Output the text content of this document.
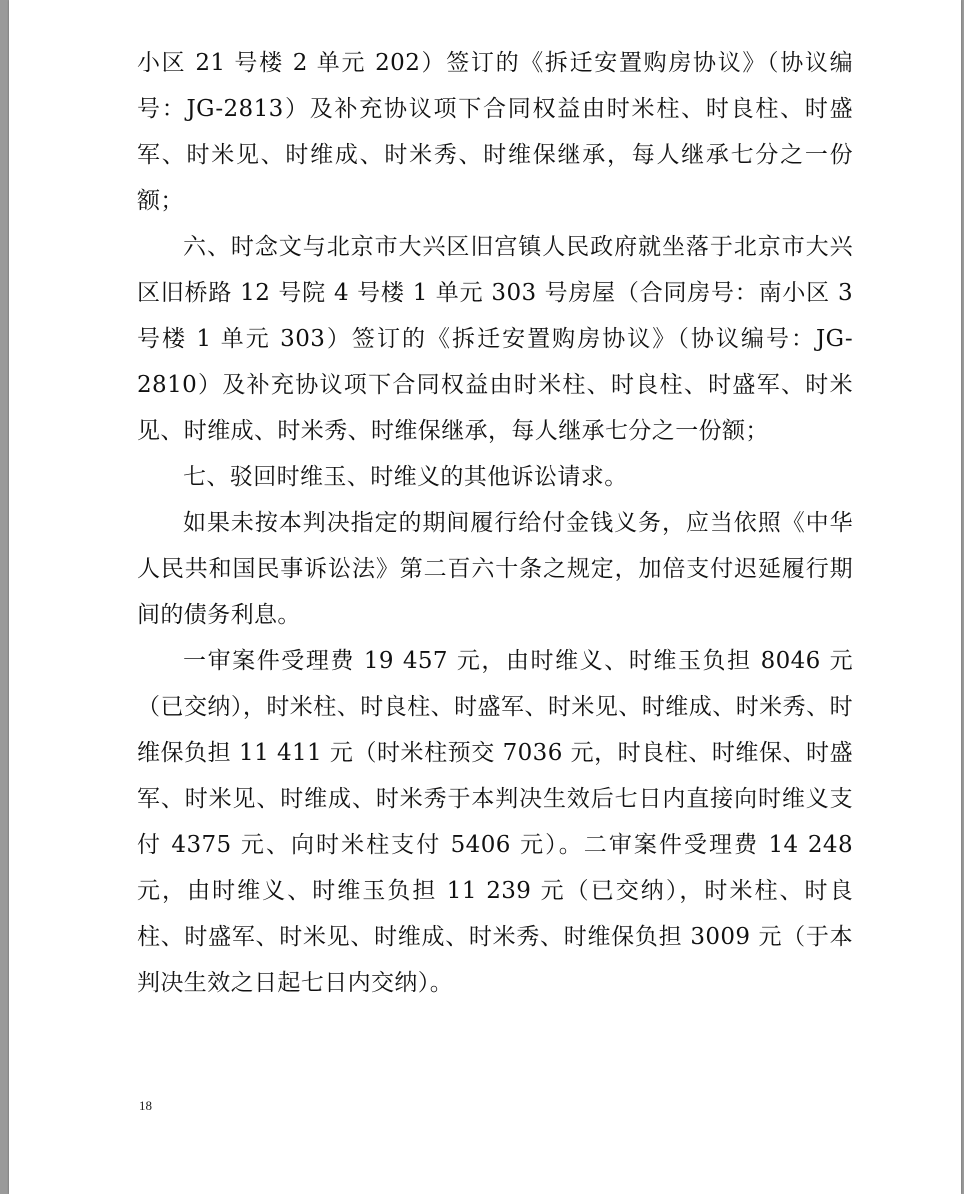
小区 21 号楼 2 单元 202）签订的《拆迁安置购房协议》（协议编号：JG-2813）及补充协议项下合同权益由时米柱、时良柱、时盛军、时米见、时维成、时米秀、时维保继承，每人继承七分之一份额；

六、时念文与北京市大兴区旧宫镇人民政府就坐落于北京市大兴区旧桥路 12 号院 4 号楼 1 单元 303 号房屋（合同房号：南小区 3 号楼 1 单元 303）签订的《拆迁安置购房协议》（协议编号：JG-2810）及补充协议项下合同权益由时米柱、时良柱、时盛军、时米见、时维成、时米秀、时维保继承，每人继承七分之一份额；

七、驳回时维玉、时维义的其他诉讼请求。

如果未按本判决指定的期间履行给付金钱义务，应当依照《中华人民共和国民事诉讼法》第二百六十条之规定，加倍支付迟延履行期间的债务利息。

一审案件受理费 19 457 元，由时维义、时维玉负担 8046 元（已交纳），时米柱、时良柱、时盛军、时米见、时维成、时米秀、时维保负担 11 411 元（时米柱预交 7036 元，时良柱、时维保、时盛军、时米见、时维成、时米秀于本判决生效后七日内直接向时维义支付 4375 元、向时米柱支付 5406 元）。二审案件受理费 14 248 元，由时维义、时维玉负担 11 239 元（已交纳），时米柱、时良柱、时盛军、时米见、时维成、时米秀、时维保负担 3009 元（于本判决生效之日起七日内交纳）。

18
